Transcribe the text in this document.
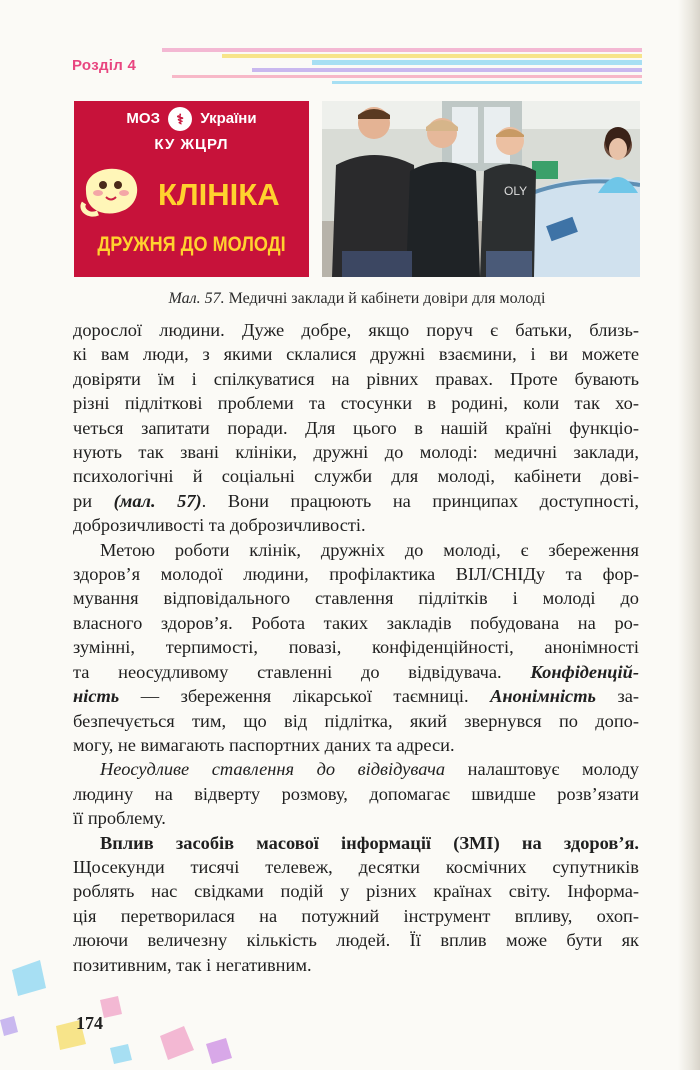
Розділ 4
МОЗ ⚕ України
КУ ЖЦРЛ
КЛІНІКА
ДРУЖНЯ ДО МОЛОДІ
OLY
Мал. 57. Медичні заклади й кабінети довіри для молоді
дорослої людини. Дуже добре, якщо поруч є батьки, близь-
кі вам люди, з якими склалися дружні взаємини, і ви можете
довіряти їм і спілкуватися на рівних правах. Проте бувають
різні підліткові проблеми та стосунки в родині, коли так хо-
четься запитати поради. Для цього в нашій країні функціо-
нують так звані клініки, дружні до молоді: медичні заклади,
психологічні й соціальні служби для молоді, кабінети дові-
ри (мал. 57). Вони працюють на принципах доступності,
доброзичливості та доброзичливості.
Метою роботи клінік, дружніх до молоді, є збереження
здоров’я молодої людини, профілактика ВІЛ/СНІДу та фор-
мування відповідального ставлення підлітків і молоді до
власного здоров’я. Робота таких закладів побудована на ро-
зумінні, терпимості, повазі, конфіденційності, анонімності
та неосудливому ставленні до відвідувача. Конфіденцій-
ність — збереження лікарської таємниці. Анонімність за-
безпечується тим, що від підлітка, який звернувся по допо-
могу, не вимагають паспортних даних та адреси.
Неосудливе ставлення до відвідувача налаштовує молоду
людину на відверту розмову, допомагає швидше розв’язати
її проблему.
Вплив засобів масової інформації (ЗМІ) на здоров’я.
Щосекунди тисячі телевеж, десятки космічних супутників
роблять нас свідками подій у різних країнах світу. Інформа-
ція перетворилася на потужний інструмент впливу, охоп-
люючи величезну кількість людей. Її вплив може бути як
позитивним, так і негативним.
174
